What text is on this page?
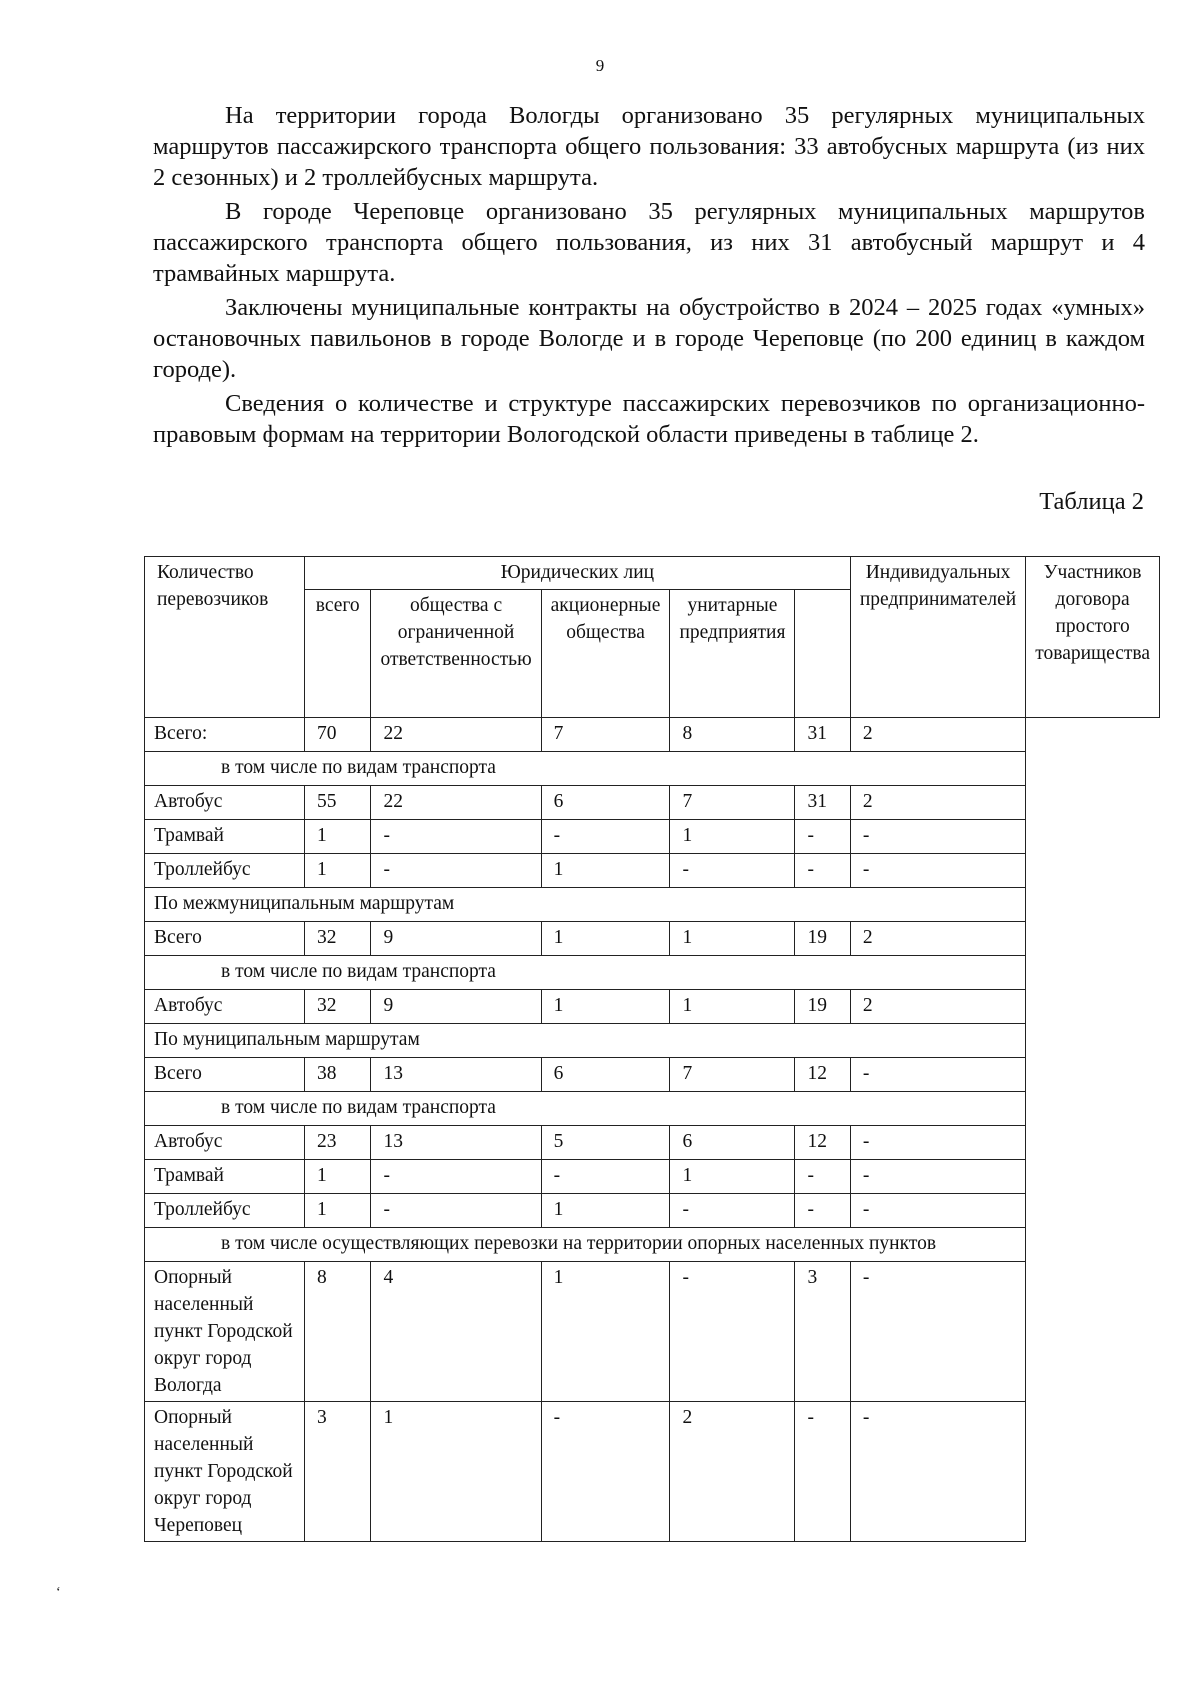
9

На территории города Вологды организовано 35 регулярных муниципальных маршрутов пассажирского транспорта общего пользования: 33 автобусных маршрута (из них 2 сезонных) и 2 троллейбусных маршрута.

В городе Череповце организовано 35 регулярных муниципальных маршрутов пассажирского транспорта общего пользования, из них 31 автобусный маршрут и 4 трамвайных маршрута.

Заключены муниципальные контракты на обустройство в 2024 – 2025 годах «умных» остановочных павильонов в городе Вологде и в городе Череповце (по 200 единиц в каждом городе).

Сведения о количестве и структуре пассажирских перевозчиков по организационно-правовым формам на территории Вологодской области приведены в таблице 2.

Таблица 2
Количество перевозчиков	Юридических лиц					Индивидуальных предпринимателей	Участников договора простого товарищества
	всего	общества с ограниченной ответственностью	акционерные общества	унитарные предприятия			
Всего:	70	22	7	8	31	2	
в том числе по видам транспорта							
Автобус	55	22	6	7	31	2	
Трамвай	1	-	-	1	-	-	
Троллейбус	1	-	1	-	-	-	
По межмуниципальным маршрутам							
Всего	32	9	1	1	19	2	
в том числе по видам транспорта							
Автобус	32	9	1	1	19	2	
По муниципальным маршрутам							
Всего	38	13	6	7	12	-	
в том числе по видам транспорта							
Автобус	23	13	5	6	12	-	
Трамвай	1	-	-	1	-	-	
Троллейбус	1	-	1	-	-	-	
в том числе осуществляющих перевозки на территории опорных населенных пунктов							
Опорный населенный пункт Городской округ город Вологда	8	4	1	-	3	-	
Опорный населенный пункт Городской округ город Череповец	3	1	-	2	-	-	
‘
